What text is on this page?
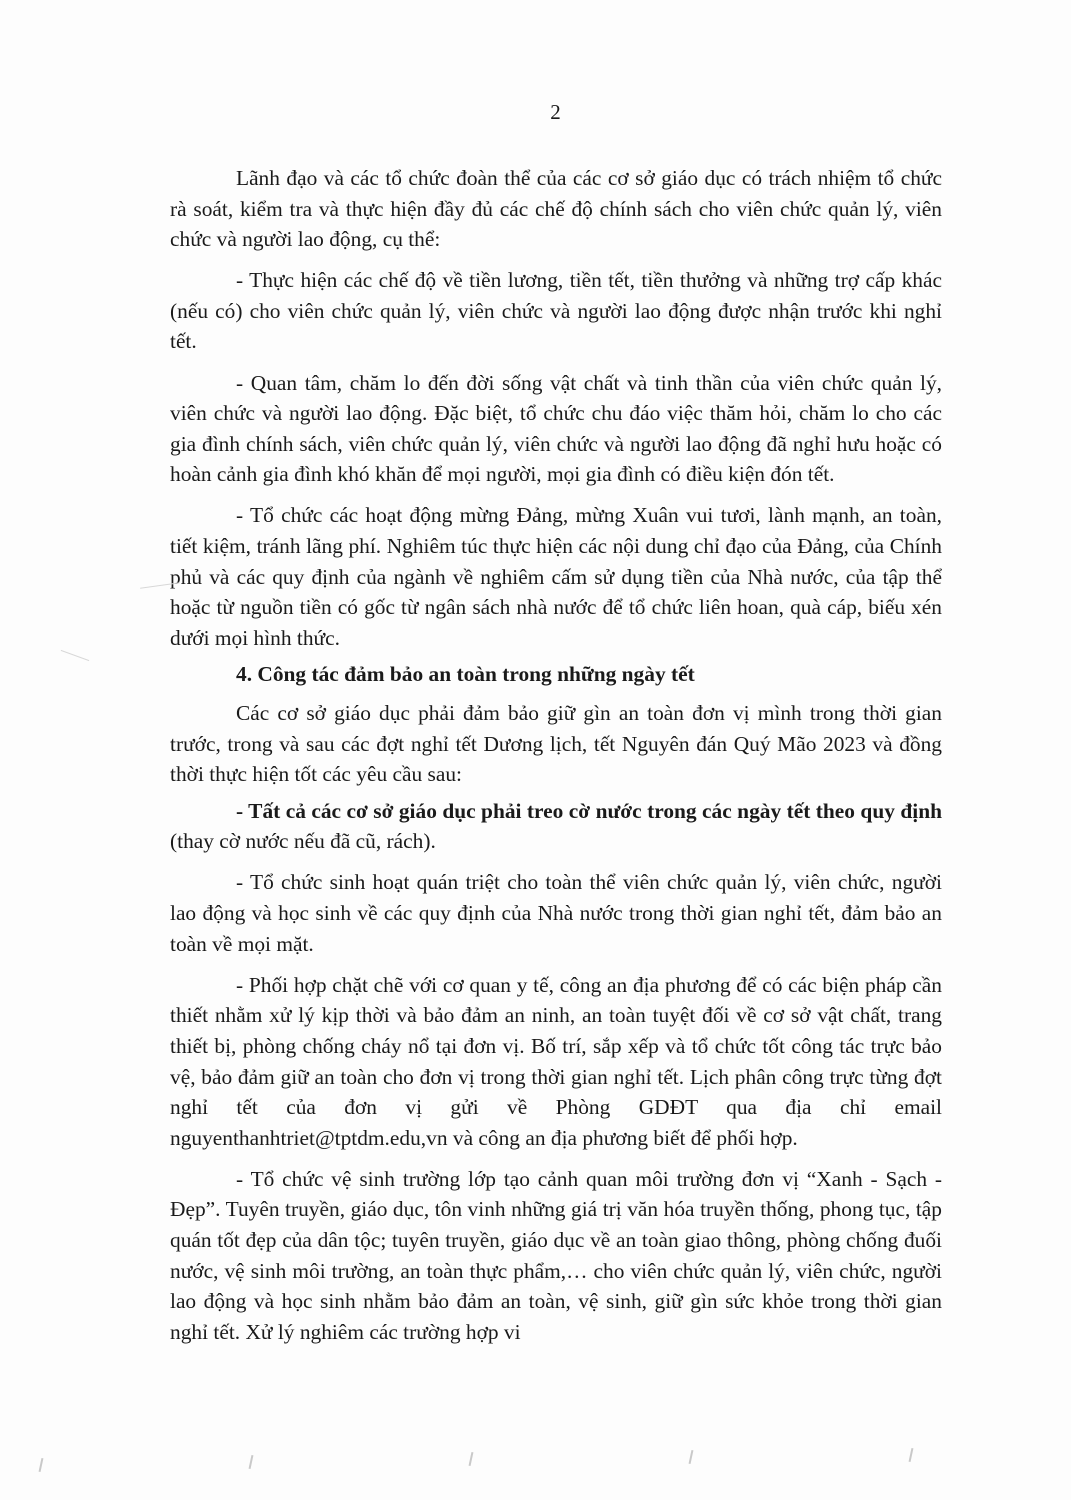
2

Lãnh đạo và các tổ chức đoàn thể của các cơ sở giáo dục có trách nhiệm tổ chức rà soát, kiểm tra và thực hiện đầy đủ các chế độ chính sách cho viên chức quản lý, viên chức và người lao động, cụ thể:

- Thực hiện các chế độ về tiền lương, tiền tết, tiền thưởng và những trợ cấp khác (nếu có) cho viên chức quản lý, viên chức và người lao động được nhận trước khi nghỉ tết.

- Quan tâm, chăm lo đến đời sống vật chất và tinh thần của viên chức quản lý, viên chức và người lao động. Đặc biệt, tổ chức chu đáo việc thăm hỏi, chăm lo cho các gia đình chính sách, viên chức quản lý, viên chức và người lao động đã nghỉ hưu hoặc có hoàn cảnh gia đình khó khăn để mọi người, mọi gia đình có điều kiện đón tết.

- Tổ chức các hoạt động mừng Đảng, mừng Xuân vui tươi, lành mạnh, an toàn, tiết kiệm, tránh lãng phí. Nghiêm túc thực hiện các nội dung chỉ đạo của Đảng, của Chính phủ và các quy định của ngành về nghiêm cấm sử dụng tiền của Nhà nước, của tập thể hoặc từ nguồn tiền có gốc từ ngân sách nhà nước để tổ chức liên hoan, quà cáp, biếu xén dưới mọi hình thức.

4. Công tác đảm bảo an toàn trong những ngày tết

Các cơ sở giáo dục phải đảm bảo giữ gìn an toàn đơn vị mình trong thời gian trước, trong và sau các đợt nghỉ tết Dương lịch, tết Nguyên đán Quý Mão 2023 và đồng thời thực hiện tốt các yêu cầu sau:

- Tất cả các cơ sở giáo dục phải treo cờ nước trong các ngày tết theo quy định (thay cờ nước nếu đã cũ, rách).

- Tổ chức sinh hoạt quán triệt cho toàn thể viên chức quản lý, viên chức, người lao động và học sinh về các quy định của Nhà nước trong thời gian nghỉ tết, đảm bảo an toàn về mọi mặt.

- Phối hợp chặt chẽ với cơ quan y tế, công an địa phương để có các biện pháp cần thiết nhằm xử lý kịp thời và bảo đảm an ninh, an toàn tuyệt đối về cơ sở vật chất, trang thiết bị, phòng chống cháy nổ tại đơn vị. Bố trí, sắp xếp và tổ chức tốt công tác trực bảo vệ, bảo đảm giữ an toàn cho đơn vị trong thời gian nghỉ tết. Lịch phân công trực từng đợt nghỉ tết của đơn vị gửi về Phòng GDĐT qua địa chỉ email nguyenthanhtriet@tptdm.edu,vn và công an địa phương biết để phối hợp.

- Tổ chức vệ sinh trường lớp tạo cảnh quan môi trường đơn vị “Xanh - Sạch - Đẹp”. Tuyên truyền, giáo dục, tôn vinh những giá trị văn hóa truyền thống, phong tục, tập quán tốt đẹp của dân tộc; tuyên truyền, giáo dục về an toàn giao thông, phòng chống đuối nước, vệ sinh môi trường, an toàn thực phẩm,… cho viên chức quản lý, viên chức, người lao động và học sinh nhằm bảo đảm an toàn, vệ sinh, giữ gìn sức khỏe trong thời gian nghỉ tết. Xử lý nghiêm các trường hợp vi
